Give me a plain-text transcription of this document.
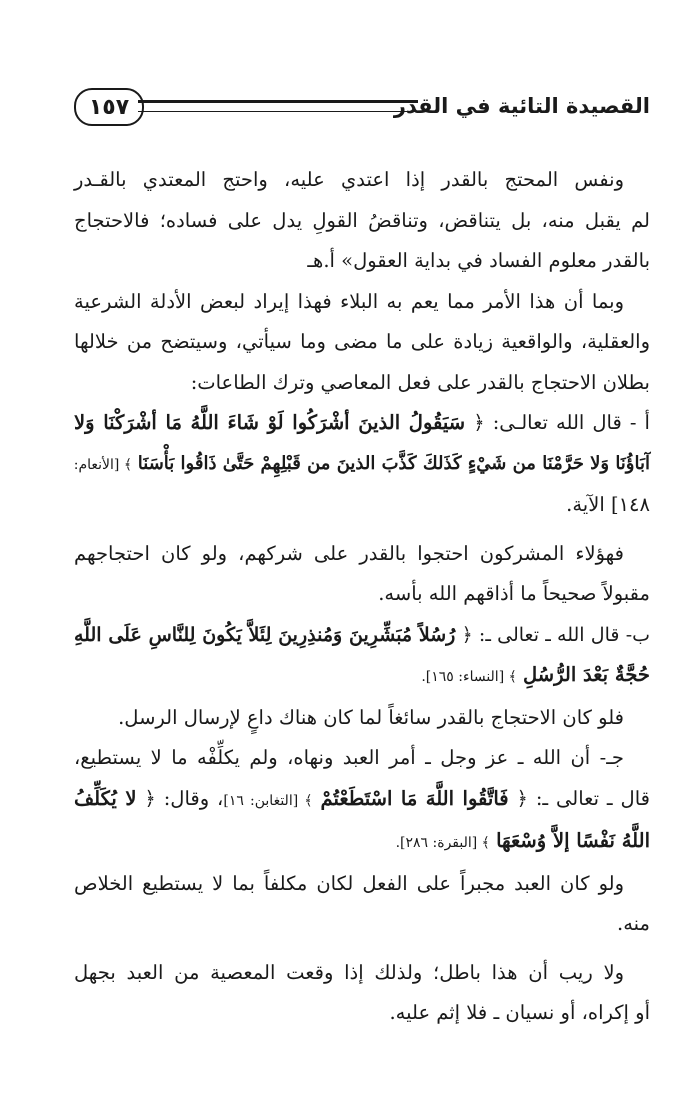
القصيدة التائية في القدر
١٥٧
ونفس المحتج بالقدر إذا اعتدي عليه، واحتج المعتدي بالقـدر
لم يقبل منه، بل يتناقض، وتناقضُ القولِ يدل على فساده؛ فالاحتجاج
بالقدر معلوم الفساد في بداية العقول» أ.هـ
وبما أن هذا الأمر مما يعم به البلاء فهذا إيراد لبعض الأدلة الشرعية
والعقلية، والواقعية زيادة على ما مضى وما سيأتي، وسيتضح من خلالها
بطلان الاحتجاج بالقدر على فعل المعاصي وترك الطاعات:
أ - قال الله تعالـى: ﴿ سَيَقُولُ الذينَ أشْرَكُوا لَوْ شَاءَ اللَّهُ مَا أشْرَكْنَا وَلا
آبَاؤُنَا وَلا حَرَّمْنَا من شَيْءٍ كَذَلكَ كَذَّبَ الذينَ من قَبْلِهِمْ حَتَّىٰ ذَاقُوا بَأْسَنَا ﴾ [الأنعام:
١٤٨] الآية.
فهؤلاء المشركون احتجوا بالقدر على شركهم، ولو كان احتجاجهم
مقبولاً صحيحاً ما أذاقهم الله بأسه.
ب- قال الله ـ تعالى ـ: ﴿ رُسُلاً مُبَشِّرِينَ وَمُنذِرِينَ لِئَلاَّ يَكُونَ لِلنَّاسِ عَلَى اللَّهِ
حُجَّةٌ بَعْدَ الرُّسُلِ ﴾ [النساء: ١٦٥].
فلو كان الاحتجاج بالقدر سائغاً لما كان هناك داعٍ لإرسال الرسل.
جـ- أن الله ـ عز وجل ـ أمر العبد ونهاه، ولم يكلِّفْه ما لا يستطيع،
قال ـ تعالى ـ: ﴿ فَاتَّقُوا اللَّهَ مَا اسْتَطَعْتُمْ ﴾ [التغابن: ١٦]، وقال: ﴿ لا يُكَلِّفُ
اللَّهُ نَفْسًا إلاَّ وُسْعَهَا ﴾ [البقرة: ٢٨٦].
ولو كان العبد مجبراً على الفعل لكان مكلفاً بما لا يستطيع الخلاص
منه.
ولا ريب أن هذا باطل؛ ولذلك إذا وقعت المعصية من العبد بجهل
أو إكراه، أو نسيان ـ فلا إثم عليه.
